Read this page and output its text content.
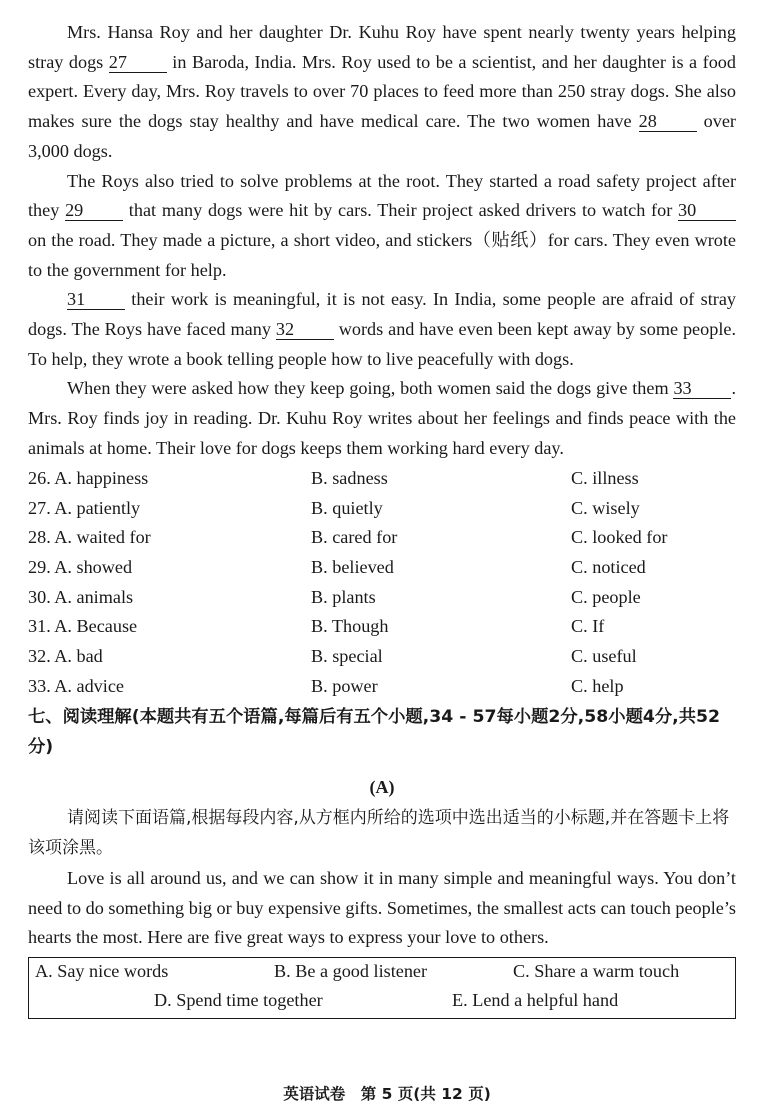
Mrs. Hansa Roy and her daughter Dr. Kuhu Roy have spent nearly twenty years helping stray dogs 27 in Baroda, India. Mrs. Roy used to be a scientist, and her daughter is a food expert. Every day, Mrs. Roy travels to over 70 places to feed more than 250 stray dogs. She also makes sure the dogs stay healthy and have medical care. The two women have 28 over 3,000 dogs.

The Roys also tried to solve problems at the root. They started a road safety project after they 29 that many dogs were hit by cars. Their project asked drivers to watch for 30 on the road. They made a picture, a short video, and stickers（贴纸）for cars. They even wrote to the government for help.

31 their work is meaningful, it is not easy. In India, some people are afraid of stray dogs. The Roys have faced many 32 words and have even been kept away by some people. To help, they wrote a book telling people how to live peacefully with dogs.

When they were asked how they keep going, both women said the dogs give them 33 . Mrs. Roy finds joy in reading. Dr. Kuhu Roy writes about her feelings and finds peace with the animals at home. Their love for dogs keeps them working hard every day.

26. A. happiness	B. sadness	C. illness
27. A. patiently	B. quietly	C. wisely
28. A. waited for	B. cared for	C. looked for
29. A. showed	B. believed	C. noticed
30. A. animals	B. plants	C. people
31. A. Because	B. Though	C. If
32. A. bad	B. special	C. useful
33. A. advice	B. power	C. help
七、阅读理解(本题共有五个语篇,每篇后有五个小题,34 - 57每小题2分,58小题4分,共52分)
(A)

请阅读下面语篇,根据每段内容,从方框内所给的选项中选出适当的小标题,并在答题卡上将该项涂黑。

Love is all around us, and we can show it in many simple and meaningful ways. You don’t need to do something big or buy expensive gifts. Sometimes, the smallest acts can touch people’s hearts the most. Here are five great ways to express your love to others.

A. Say nice words	B. Be a good listener	C. Share a warm touch
D. Spend time together	E. Lend a helpful hand
英语试卷　第 5 页(共 12 页)
